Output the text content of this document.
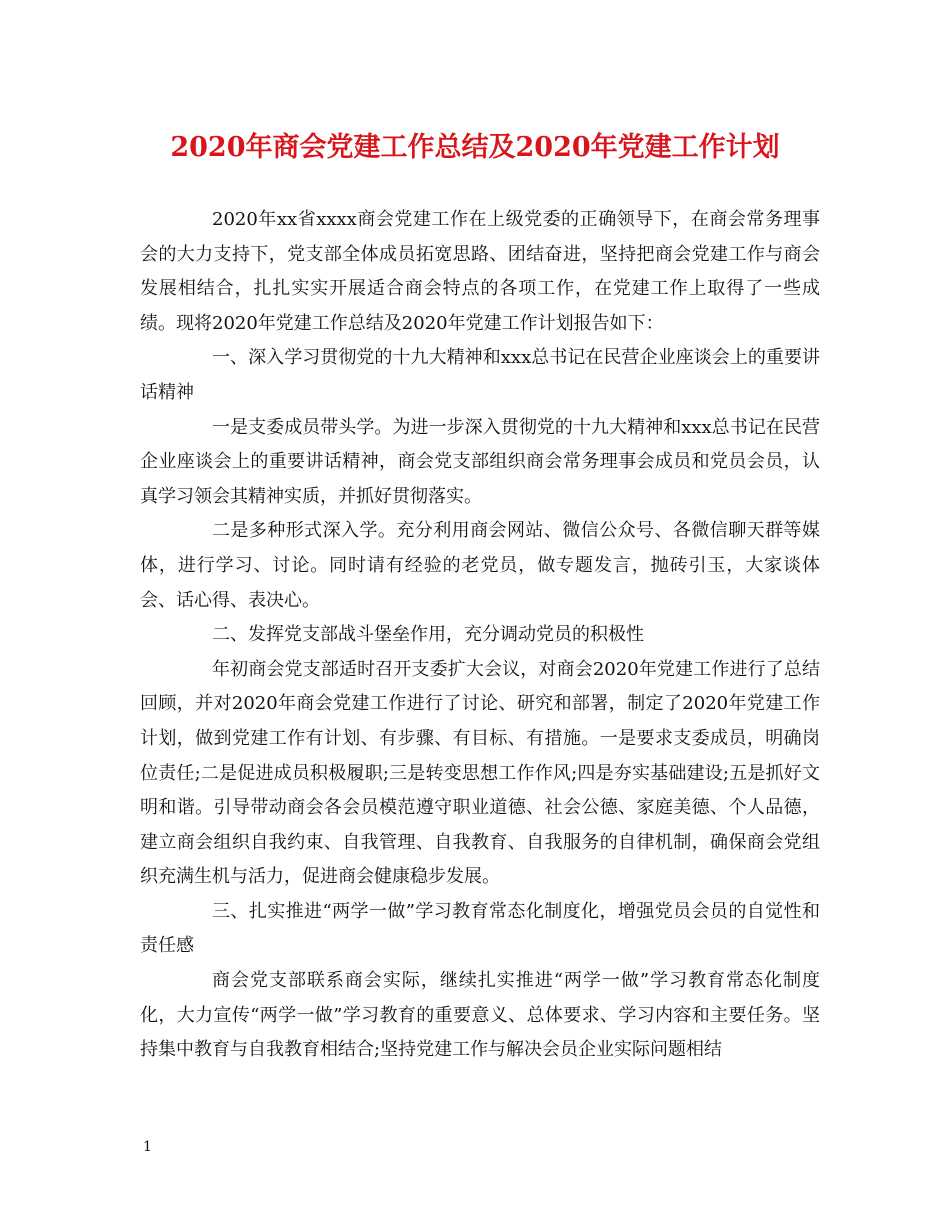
2020年商会党建工作总结及2020年党建工作计划

2020年xx省xxxx商会党建工作在上级党委的正确领导下，在商会常务理事会的大力支持下，党支部全体成员拓宽思路、团结奋进，坚持把商会党建工作与商会发展相结合，扎扎实实开展适合商会特点的各项工作，在党建工作上取得了一些成绩。现将2020年党建工作总结及2020年党建工作计划报告如下：

一、深入学习贯彻党的十九大精神和xxx总书记在民营企业座谈会上的重要讲话精神

一是支委成员带头学。为进一步深入贯彻党的十九大精神和xxx总书记在民营企业座谈会上的重要讲话精神，商会党支部组织商会常务理事会成员和党员会员，认真学习领会其精神实质，并抓好贯彻落实。

二是多种形式深入学。充分利用商会网站、微信公众号、各微信聊天群等媒体，进行学习、讨论。同时请有经验的老党员，做专题发言，抛砖引玉，大家谈体会、话心得、表决心。

二、发挥党支部战斗堡垒作用，充分调动党员的积极性

年初商会党支部适时召开支委扩大会议，对商会2020年党建工作进行了总结回顾，并对2020年商会党建工作进行了讨论、研究和部署，制定了2020年党建工作计划，做到党建工作有计划、有步骤、有目标、有措施。一是要求支委成员，明确岗位责任;二是促进成员积极履职;三是转变思想工作作风;四是夯实基础建设;五是抓好文明和谐。引导带动商会各会员模范遵守职业道德、社会公德、家庭美德、个人品德，建立商会组织自我约束、自我管理、自我教育、自我服务的自律机制，确保商会党组织充满生机与活力，促进商会健康稳步发展。

三、扎实推进“两学一做”学习教育常态化制度化，增强党员会员的自觉性和责任感

商会党支部联系商会实际，继续扎实推进“两学一做”学习教育常态化制度化，大力宣传“两学一做”学习教育的重要意义、总体要求、学习内容和主要任务。坚持集中教育与自我教育相结合;坚持党建工作与解决会员企业实际问题相结

1
